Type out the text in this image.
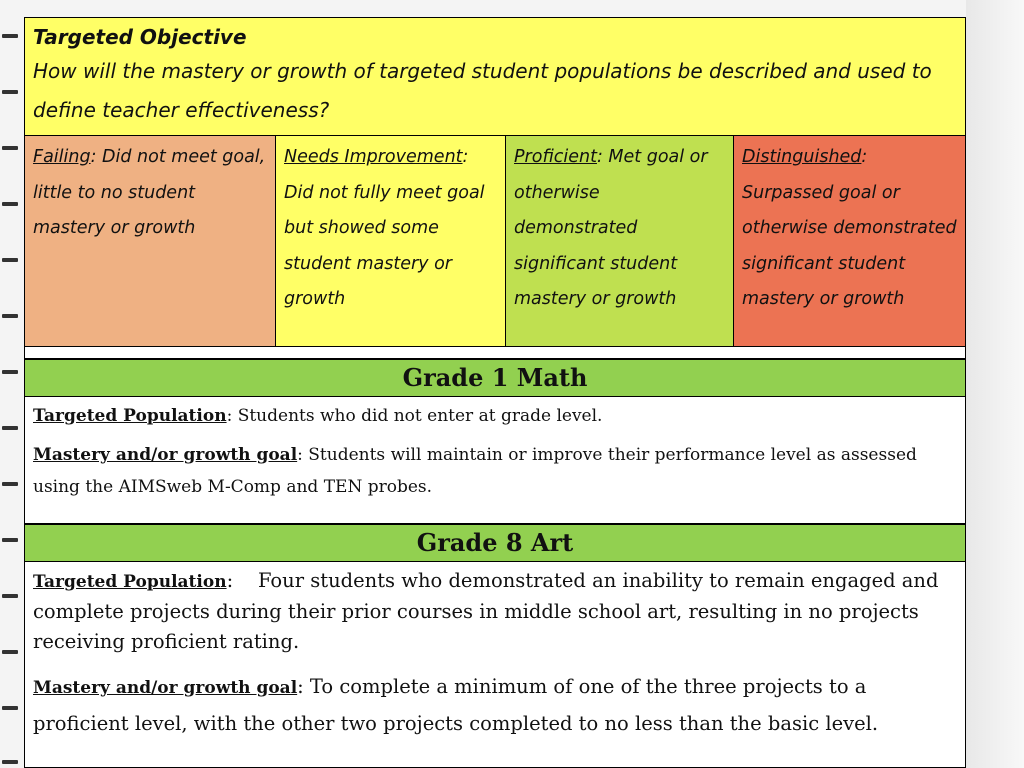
Targeted Objective
How will the mastery or growth of targeted student populations be described and used to define teacher effectiveness?
Failing: Did not meet goal, little to no student mastery or growth
Needs Improvement: Did not fully meet goal but showed some student mastery or growth
Proficient: Met goal or otherwise demonstrated significant student mastery or growth
Distinguished: Surpassed goal or otherwise demonstrated significant student mastery or growth
Grade 1 Math

Targeted Population: Students who did not enter at grade level.

Mastery and/or growth goal: Students will maintain or improve their performance level as assessed using the AIMSweb M-Comp and TEN probes.

Grade 8 Art

Targeted Population:    Four students who demonstrated an inability to remain engaged and complete projects during their prior courses in middle school art, resulting in no projects receiving proficient rating.

Mastery and/or growth goal: To complete a minimum of one of the three projects to a proficient level, with the other two projects completed to no less than the basic level.
